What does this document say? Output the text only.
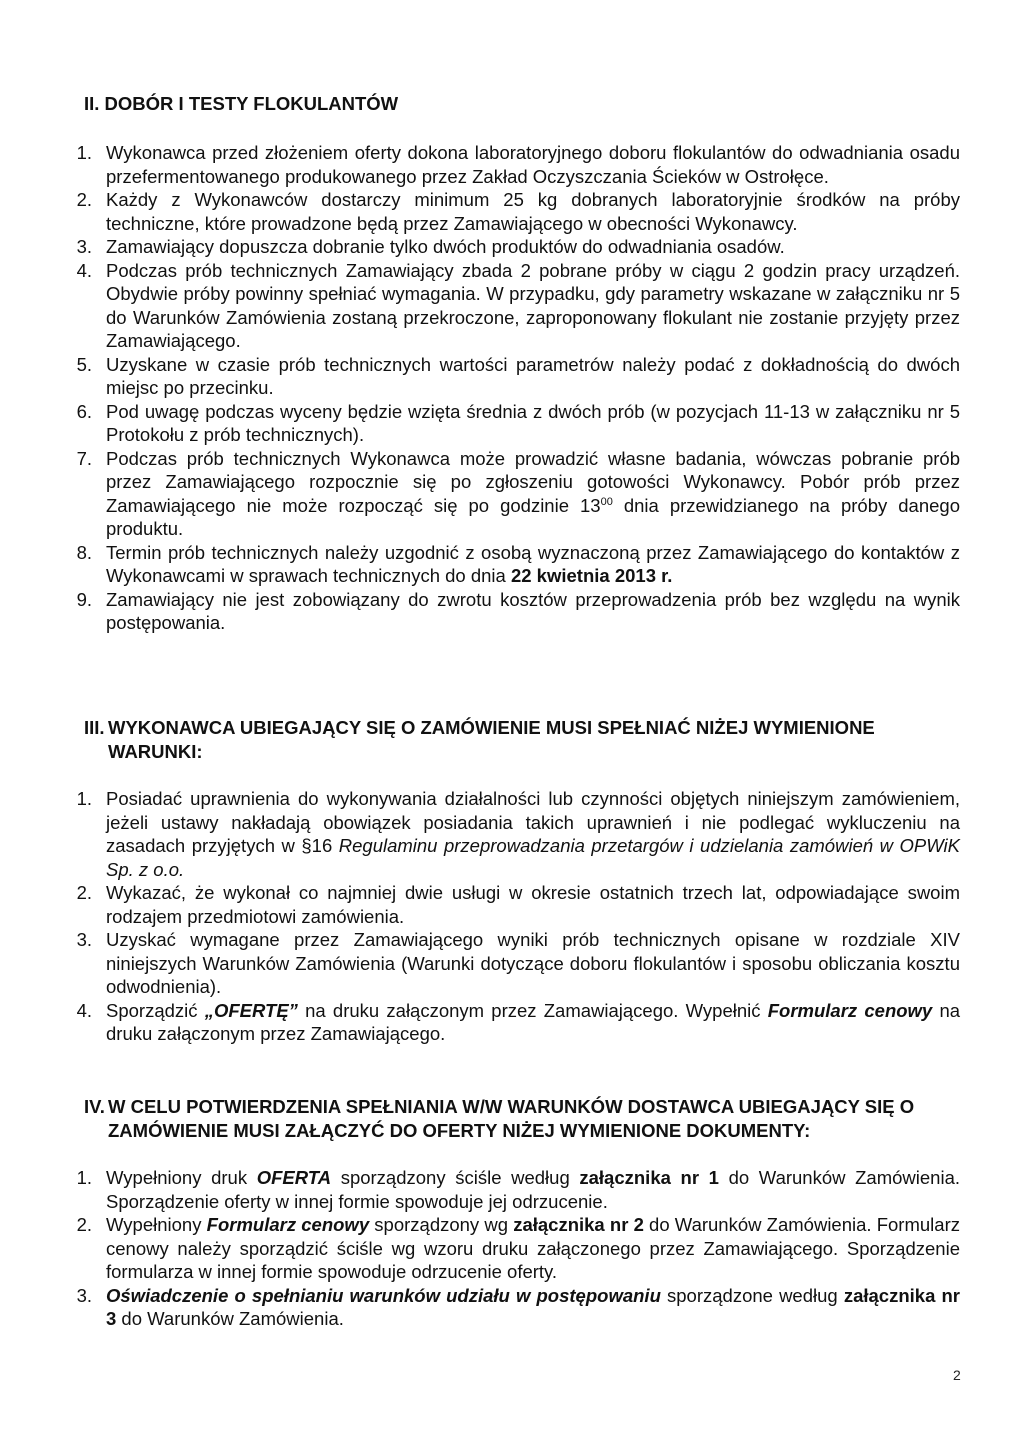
II. DOBÓR I TESTY FLOKULANTÓW
1. Wykonawca przed złożeniem oferty dokona laboratoryjnego doboru flokulantów do odwadniania osadu przefermentowanego produkowanego przez Zakład Oczyszczania Ścieków w Ostrołęce.
2. Każdy z Wykonawców dostarczy minimum 25 kg dobranych laboratoryjnie środków na próby techniczne, które prowadzone będą przez Zamawiającego w obecności Wykonawcy.
3. Zamawiający dopuszcza dobranie tylko dwóch produktów do odwadniania osadów.
4. Podczas prób technicznych Zamawiający zbada 2 pobrane próby w ciągu 2 godzin pracy urządzeń. Obydwie próby powinny spełniać wymagania. W przypadku, gdy parametry wskazane w załączniku nr 5 do Warunków Zamówienia zostaną przekroczone, zaproponowany flokulant nie zostanie przyjęty przez Zamawiającego.
5. Uzyskane w czasie prób technicznych wartości parametrów należy podać z dokładnością do dwóch miejsc po przecinku.
6. Pod uwagę podczas wyceny będzie wzięta średnia z dwóch prób (w pozycjach 11-13 w załączniku nr 5 Protokołu z prób technicznych).
7. Podczas prób technicznych Wykonawca może prowadzić własne badania, wówczas pobranie prób przez Zamawiającego rozpocznie się po zgłoszeniu gotowości Wykonawcy. Pobór prób przez Zamawiającego nie może rozpocząć się po godzinie $13^{00}$ dnia przewidzianego na próby danego produktu.
8. Termin prób technicznych należy uzgodnić z osobą wyznaczoną przez Zamawiającego do kontaktów z Wykonawcami w sprawach technicznych do dnia 22 kwietnia 2013 r.
9. Zamawiający nie jest zobowiązany do zwrotu kosztów przeprowadzenia prób bez względu na wynik postępowania.
III. WYKONAWCA UBIEGAJĄCY SIĘ O ZAMÓWIENIE MUSI SPEŁNIAĆ NIŻEJ WYMIENIONE WARUNKI:
1. Posiadać uprawnienia do wykonywania działalności lub czynności objętych niniejszym zamówieniem, jeżeli ustawy nakładają obowiązek posiadania takich uprawnień i nie podlegać wykluczeniu na zasadach przyjętych w §16 Regulaminu przeprowadzania przetargów i udzielania zamówień w OPWiK Sp. z o.o.
2. Wykazać, że wykonał co najmniej dwie usługi w okresie ostatnich trzech lat, odpowiadające swoim rodzajem przedmiotowi zamówienia.
3. Uzyskać wymagane przez Zamawiającego wyniki prób technicznych opisane w rozdziale XIV niniejszych Warunków Zamówienia (Warunki dotyczące doboru flokulantów i sposobu obliczania kosztu odwodnienia).
4. Sporządzić „OFERTĘ” na druku załączonym przez Zamawiającego. Wypełnić Formularz cenowy na druku załączonym przez Zamawiającego.
IV. W CELU POTWIERDZENIA SPEŁNIANIA W/W WARUNKÓW DOSTAWCA UBIEGAJĄCY SIĘ O ZAMÓWIENIE MUSI ZAŁĄCZYĆ DO OFERTY NIŻEJ WYMIENIONE DOKUMENTY:
1. Wypełniony druk OFERTA sporządzony ściśle według załącznika nr 1 do Warunków Zamówienia. Sporządzenie oferty w innej formie spowoduje jej odrzucenie.
2. Wypełniony Formularz cenowy sporządzony wg załącznika nr 2 do Warunków Zamówienia. Formularz cenowy należy sporządzić ściśle wg wzoru druku załączonego przez Zamawiającego. Sporządzenie formularza w innej formie spowoduje odrzucenie oferty.
3. Oświadczenie o spełnianiu warunków udziału w postępowaniu sporządzone według załącznika nr 3 do Warunków Zamówienia.
2
